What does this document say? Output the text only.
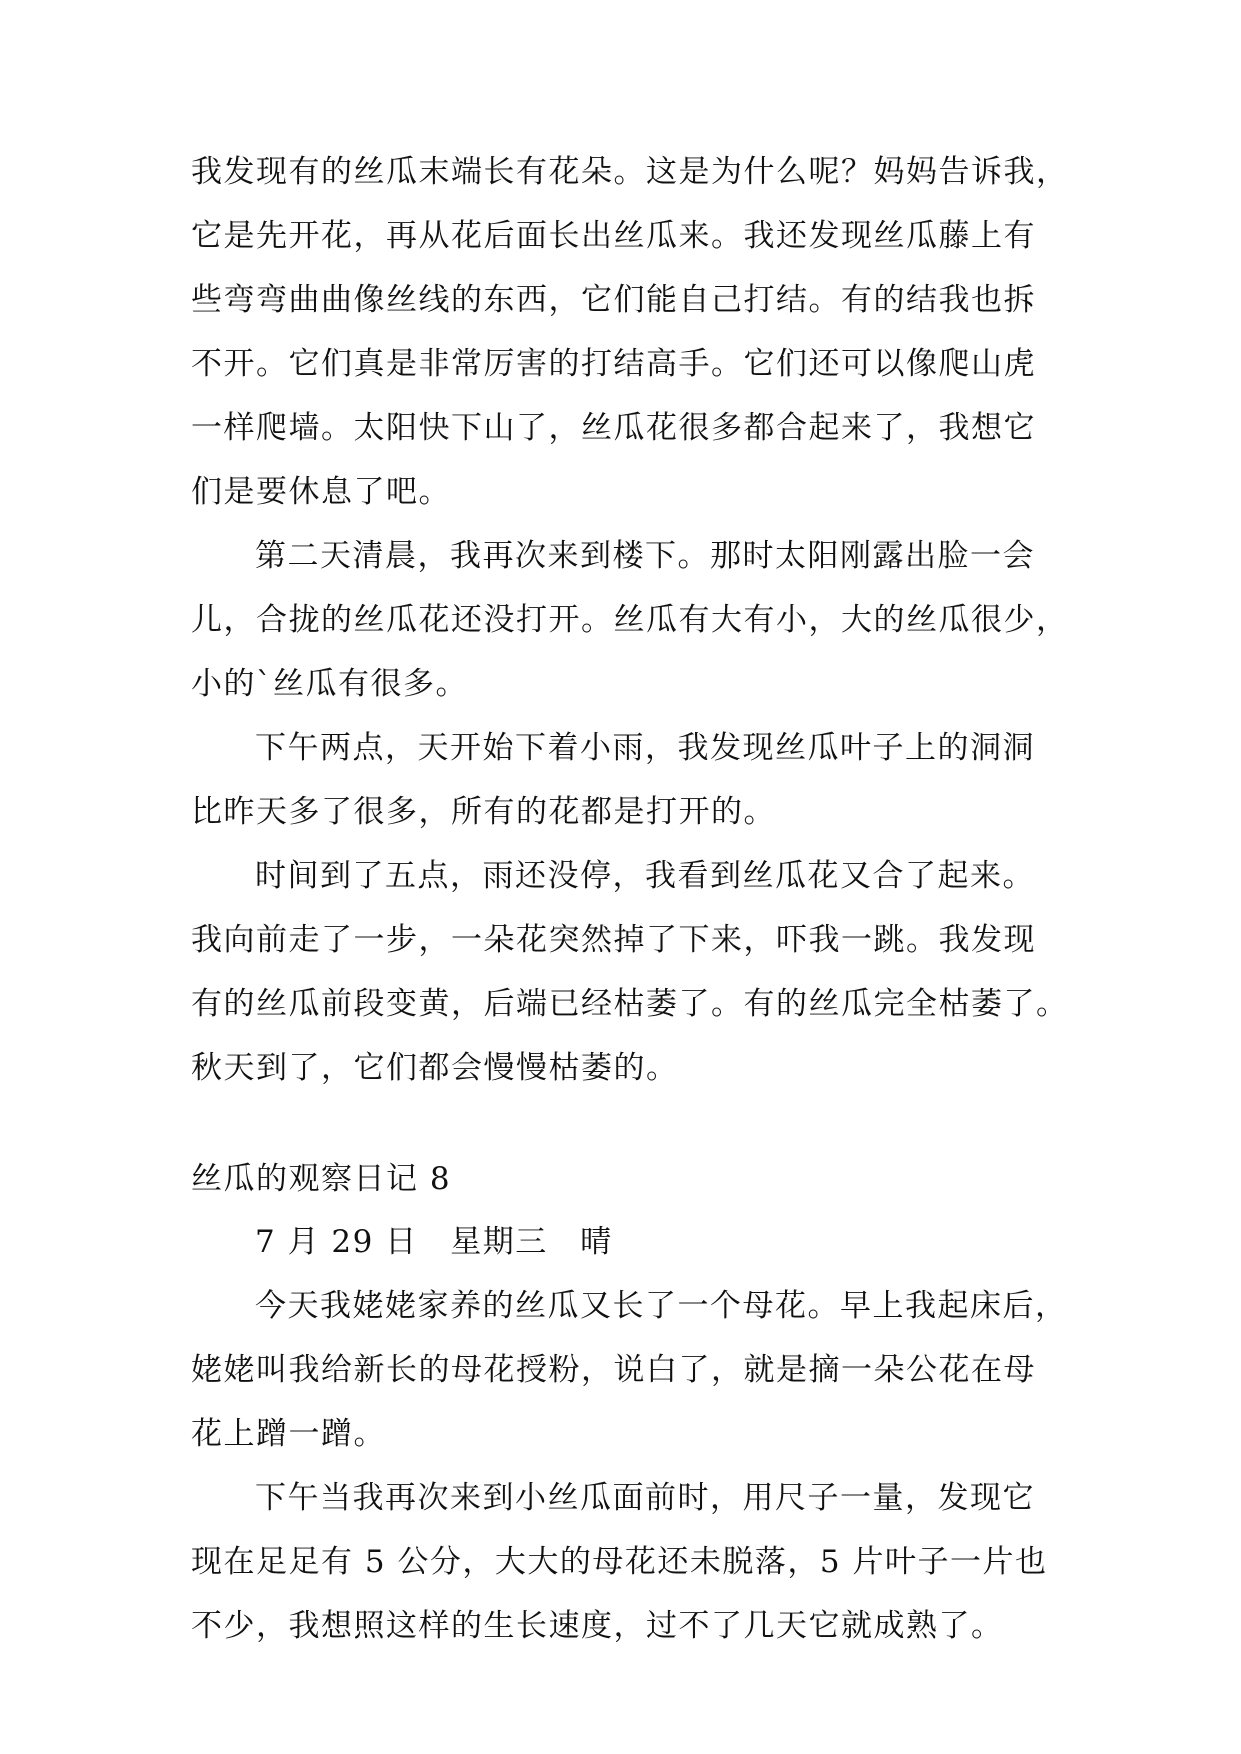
我发现有的丝瓜末端长有花朵。这是为什么呢？妈妈告诉我，
它是先开花，再从花后面长出丝瓜来。我还发现丝瓜藤上有
些弯弯曲曲像丝线的东西，它们能自己打结。有的结我也拆
不开。它们真是非常厉害的打结高手。它们还可以像爬山虎
一样爬墙。太阳快下山了，丝瓜花很多都合起来了，我想它
们是要休息了吧。
第二天清晨，我再次来到楼下。那时太阳刚露出脸一会
儿，合拢的丝瓜花还没打开。丝瓜有大有小，大的丝瓜很少，
小的`丝瓜有很多。
下午两点，天开始下着小雨，我发现丝瓜叶子上的洞洞
比昨天多了很多，所有的花都是打开的。
时间到了五点，雨还没停，我看到丝瓜花又合了起来。
我向前走了一步，一朵花突然掉了下来，吓我一跳。我发现
有的丝瓜前段变黄，后端已经枯萎了。有的丝瓜完全枯萎了。
秋天到了，它们都会慢慢枯萎的。
丝瓜的观察日记 8
7 月 29 日　星期三　晴
今天我姥姥家养的丝瓜又长了一个母花。早上我起床后，
姥姥叫我给新长的母花授粉，说白了，就是摘一朵公花在母
花上蹭一蹭。
下午当我再次来到小丝瓜面前时，用尺子一量，发现它
现在足足有 5 公分，大大的母花还未脱落，5 片叶子一片也
不少，我想照这样的生长速度，过不了几天它就成熟了。
